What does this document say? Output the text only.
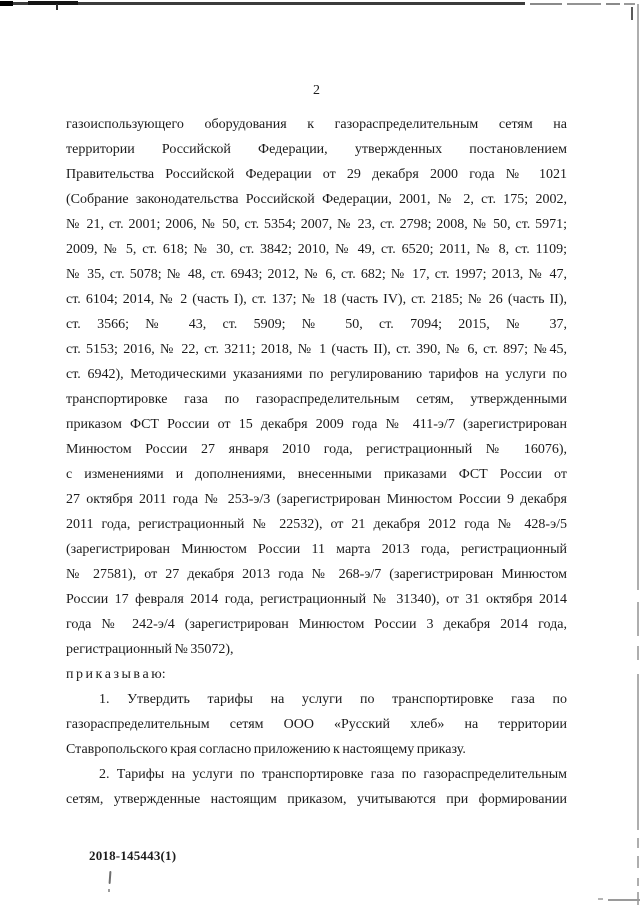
2
газоиспользующего оборудования к газораспределительным сетям на
территории Российской Федерации, утвержденных постановлением
Правительства Российской Федерации от 29 декабря 2000 года № 1021
(Собрание законодательства Российской Федерации, 2001, № 2, ст. 175; 2002,
№ 21, ст. 2001; 2006, № 50, ст. 5354; 2007, № 23, ст. 2798; 2008, № 50, ст. 5971;
2009, № 5, ст. 618; № 30, ст. 3842; 2010, № 49, ст. 6520; 2011, № 8, ст. 1109;
№ 35, ст. 5078; № 48, ст. 6943; 2012, № 6, ст. 682; № 17, ст. 1997; 2013, № 47,
ст. 6104; 2014, № 2 (часть I), ст. 137; № 18 (часть IV), ст. 2185; № 26 (часть II),
ст. 3566; № 43, ст. 5909; № 50, ст. 7094; 2015, № 37,
ст. 5153; 2016, № 22, ст. 3211; 2018, № 1 (часть II), ст. 390, № 6, ст. 897; №45,
ст. 6942), Методическими указаниями по регулированию тарифов на услуги по
транспортировке газа по газораспределительным сетям, утвержденными
приказом ФСТ России от 15 декабря 2009 года № 411-э/7 (зарегистрирован
Минюстом России 27 января 2010 года, регистрационный № 16076),
с изменениями и дополнениями, внесенными приказами ФСТ России от
27 октября 2011 года № 253-э/3 (зарегистрирован Минюстом России 9 декабря
2011 года, регистрационный № 22532), от 21 декабря 2012 года № 428-э/5
(зарегистрирован Минюстом России 11 марта 2013 года, регистрационный
№ 27581), от 27 декабря 2013 года № 268-э/7 (зарегистрирован Минюстом
России 17 февраля 2014 года, регистрационный № 31340), от 31 октября 2014
года № 242-э/4 (зарегистрирован Минюстом России 3 декабря 2014 года,
регистрационный № 35072),
п р и к а з ы в а ю:
1. Утвердить тарифы на услуги по транспортировке газа по
газораспределительным сетям ООО «Русский хлеб» на территории
Ставропольского края согласно приложению к настоящему приказу.
2. Тарифы на услуги по транспортировке газа по газораспределительным
сетям, утвержденные настоящим приказом, учитываются при формировании
2018-145443(1)
